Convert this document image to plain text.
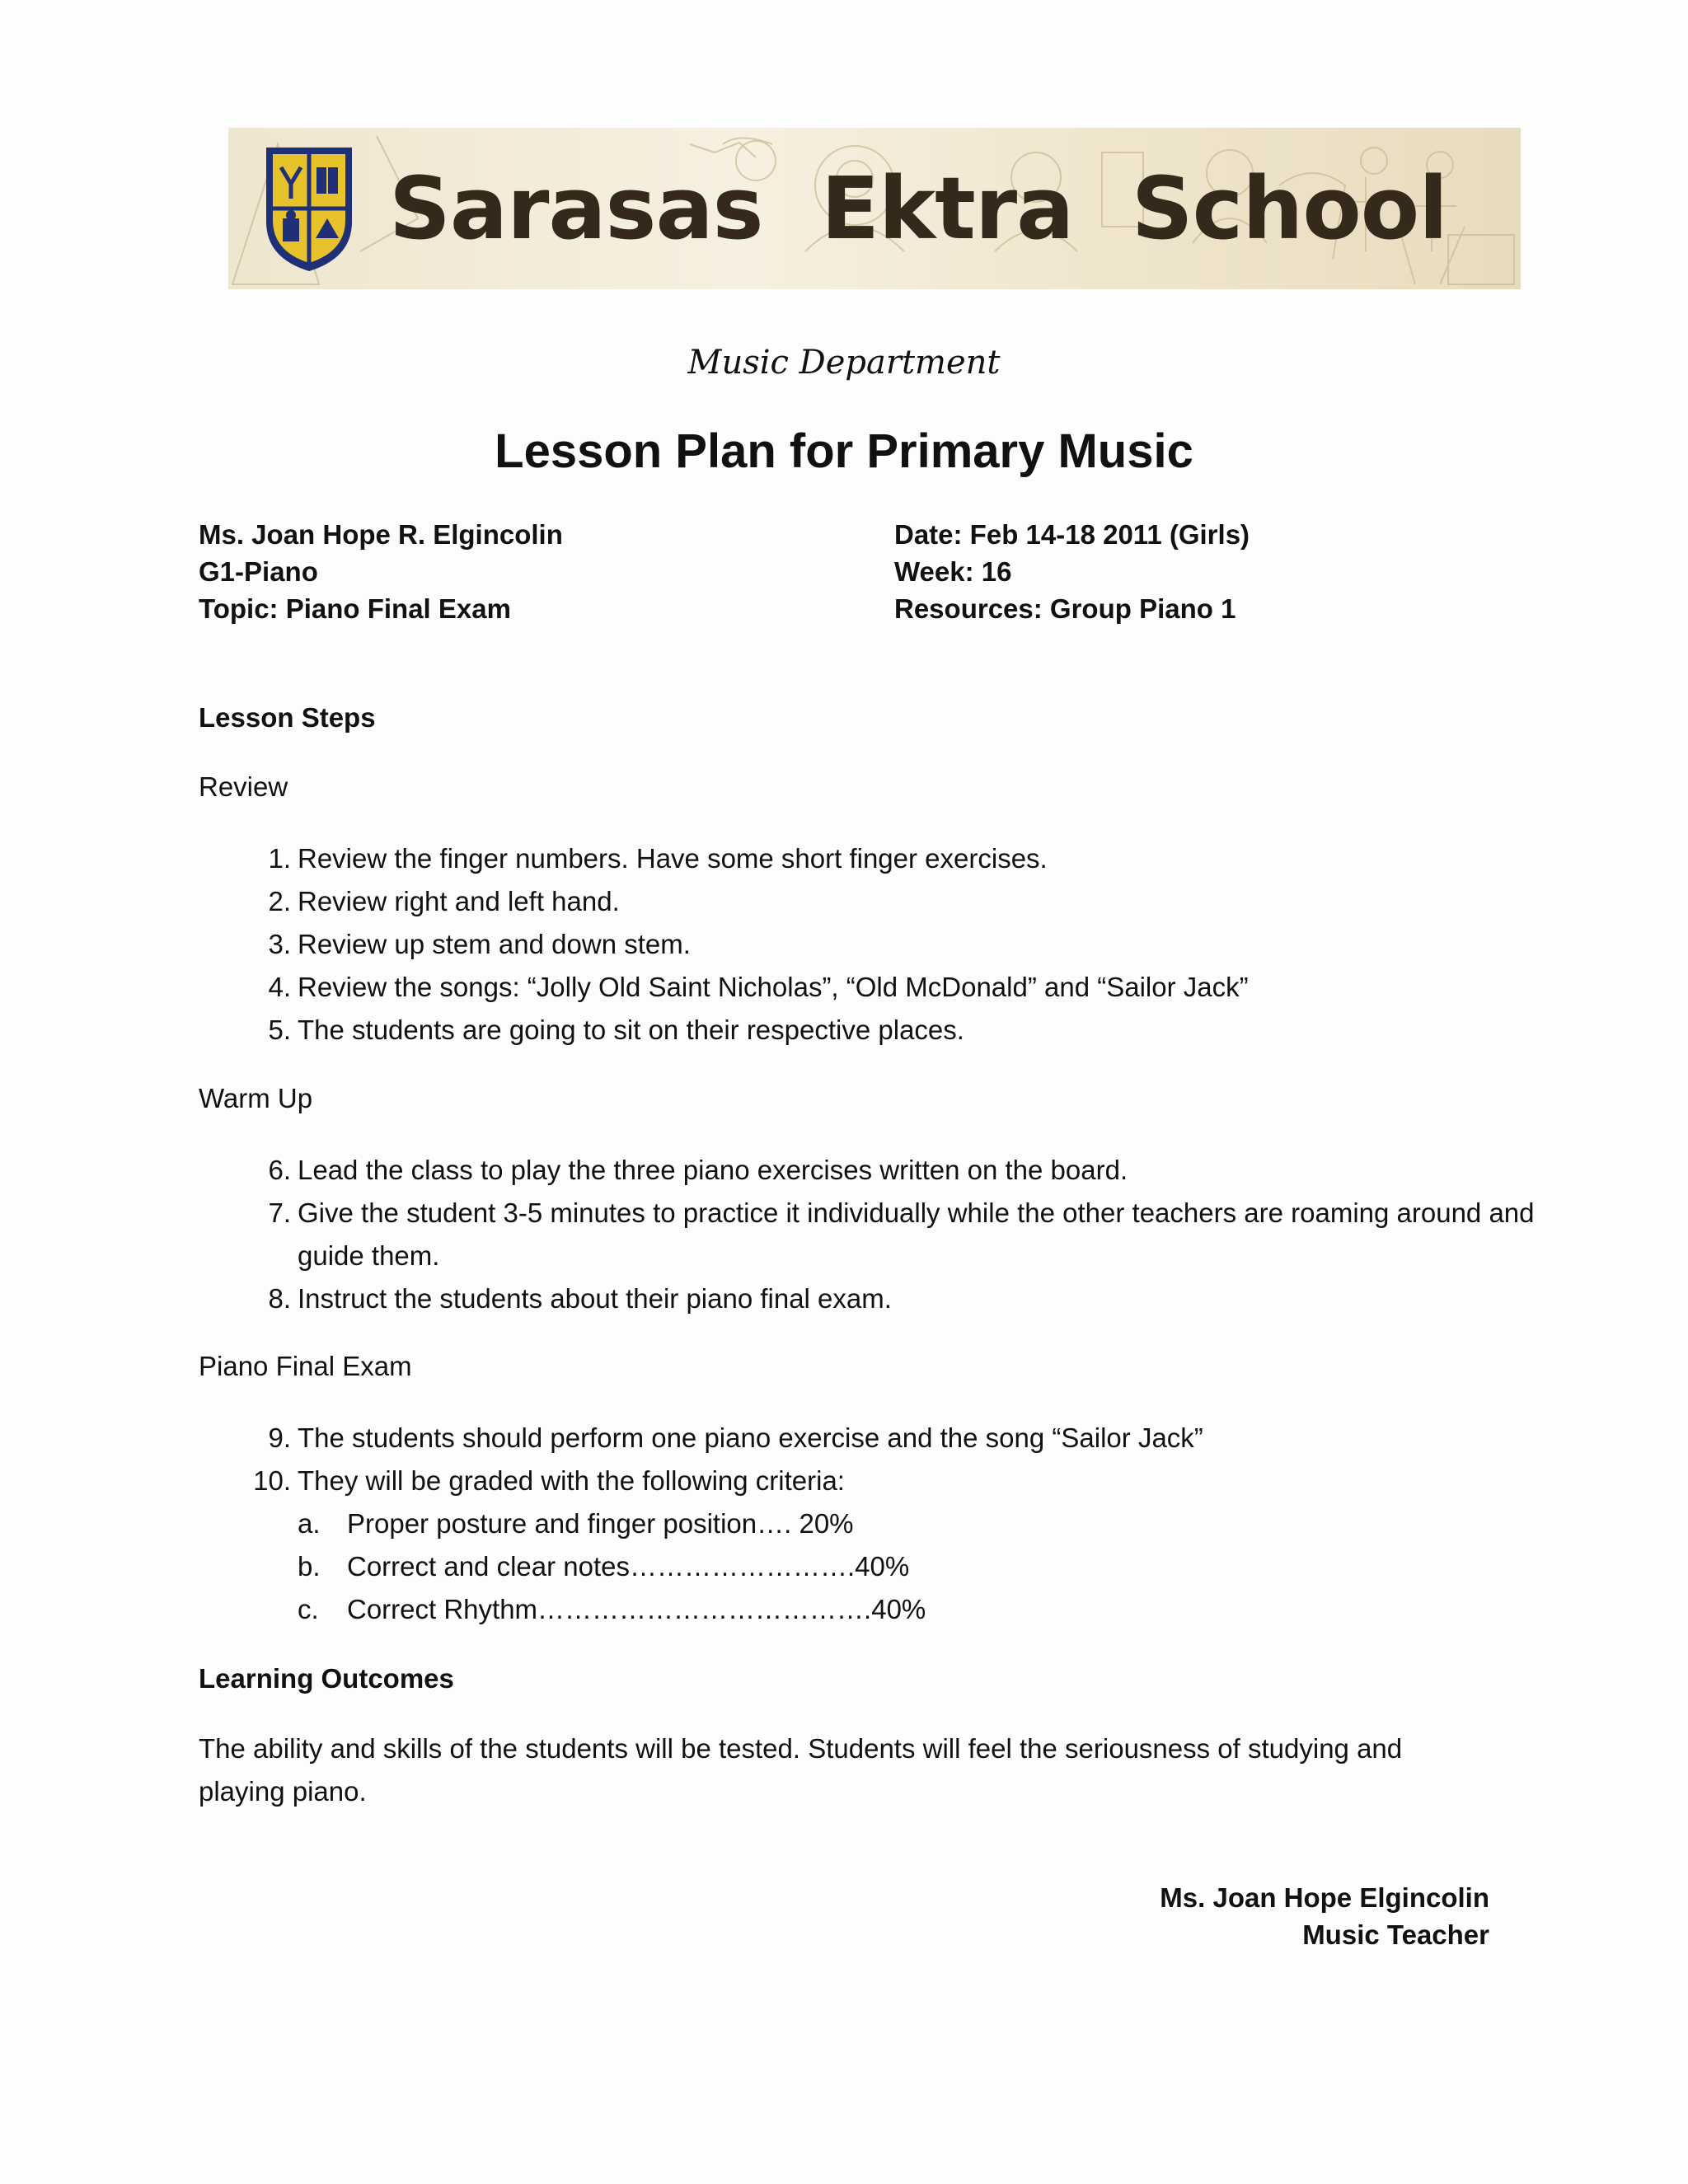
Sarasas  Ektra  School
Music Department
Lesson Plan for Primary Music
Ms. Joan Hope R. Elgincolin
G1-Piano
Topic: Piano Final Exam
Date: Feb 14-18 2011 (Girls)
Week: 16
Resources: Group Piano 1
Lesson Steps
Review
1. Review the finger numbers. Have some short finger exercises.
2. Review right and left hand.
3. Review up stem and down stem.
4. Review the songs: “Jolly Old Saint Nicholas”, “Old McDonald” and “Sailor Jack”
5. The students are going to sit on their respective places.
Warm Up
6. Lead the class to play the three piano exercises written on the board.
7. Give the student 3-5 minutes to practice it individually while the other teachers are roaming around and guide them.
8. Instruct the students about their piano final exam.
Piano Final Exam
9. The students should perform one piano exercise and the song “Sailor Jack”
10. They will be graded with the following criteria:
a. Proper posture and finger position…. 20%
b. Correct and clear notes…………………….40%
c.	Correct Rhythm……………………………….40%
Learning Outcomes
The ability and skills of the students will be tested. Students will feel the seriousness of studying and playing piano.
Ms. Joan Hope Elgincolin
Music Teacher
